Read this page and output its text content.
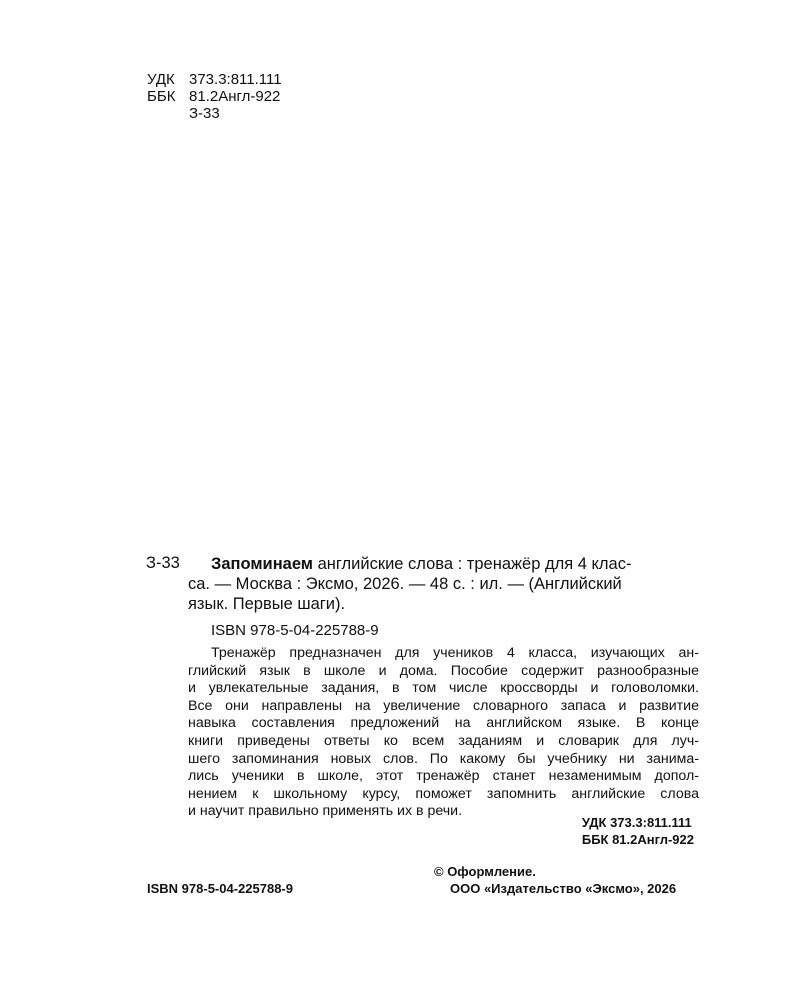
УДК 373.3:811.111
ББК 81.2Англ-922
З-33
З-33 Запоминаем английские слова : тренажёр для 4 клас-
са. — Москва : Эксмо, 2026. — 48 с. : ил. — (Английский
язык. Первые шаги).
ISBN 978-5-04-225788-9
Тренажёр предназначен для учеников 4 класса, изучающих ан-
глийский язык в школе и дома. Пособие содержит разнообразные
и увлекательные задания, в том числе кроссворды и головоломки.
Все они направлены на увеличение словарного запаса и развитие
навыка составления предложений на английском языке. В конце
книги приведены ответы ко всем заданиям и словарик для луч-
шего запоминания новых слов. По какому бы учебнику ни занима-
лись ученики в школе, этот тренажёр станет незаменимым допол-
нением к школьному курсу, поможет запомнить английские слова
и научит правильно применять их в речи.
УДК 373.3:811.111
ББК 81.2Англ-922
© Оформление.
ISBN 978-5-04-225788-9	ООО «Издательство «Эксмо», 2026
